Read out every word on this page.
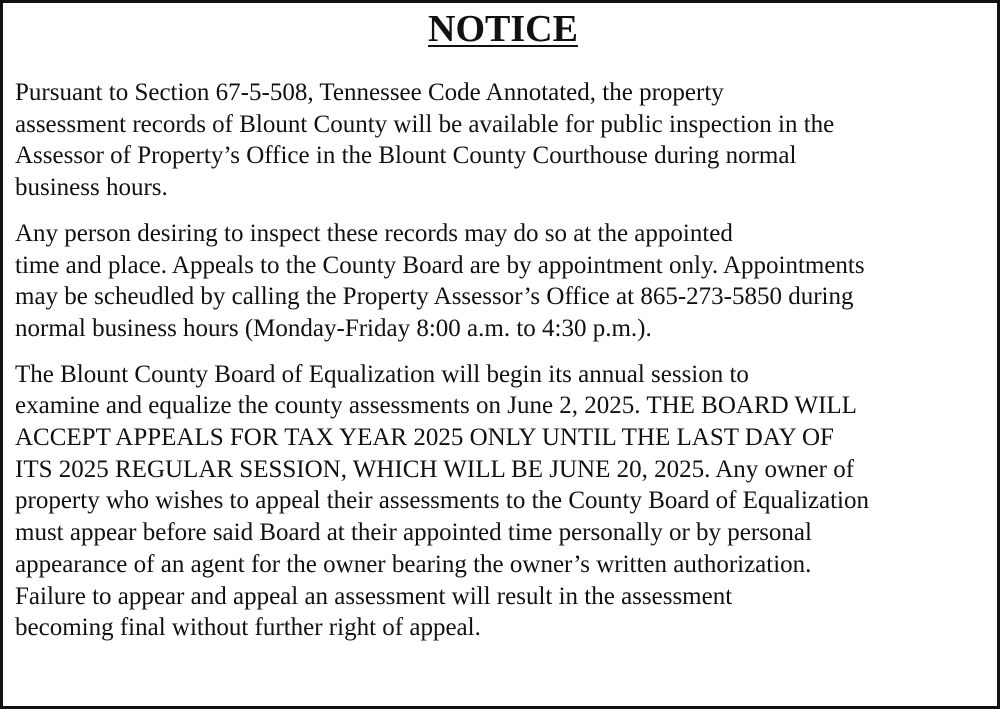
NOTICE

Pursuant to Section 67-5-508, Tennessee Code Annotated, the property
assessment records of Blount County will be available for public inspection in the
Assessor of Property’s Office in the Blount County Courthouse during normal
business hours.

Any person desiring to inspect these records may do so at the appointed
time and place. Appeals to the County Board are by appointment only. Appointments
may be scheudled by calling the Property Assessor’s Office at 865-273-5850 during
normal business hours (Monday-Friday 8:00 a.m. to 4:30 p.m.).

The Blount County Board of Equalization will begin its annual session to
examine and equalize the county assessments on June 2, 2025. THE BOARD WILL
ACCEPT APPEALS FOR TAX YEAR 2025 ONLY UNTIL THE LAST DAY OF
ITS 2025 REGULAR SESSION, WHICH WILL BE JUNE 20, 2025. Any owner of
property who wishes to appeal their assessments to the County Board of Equalization
must appear before said Board at their appointed time personally or by personal
appearance of an agent for the owner bearing the owner’s written authorization.
Failure to appear and appeal an assessment will result in the assessment
becoming final without further right of appeal.
